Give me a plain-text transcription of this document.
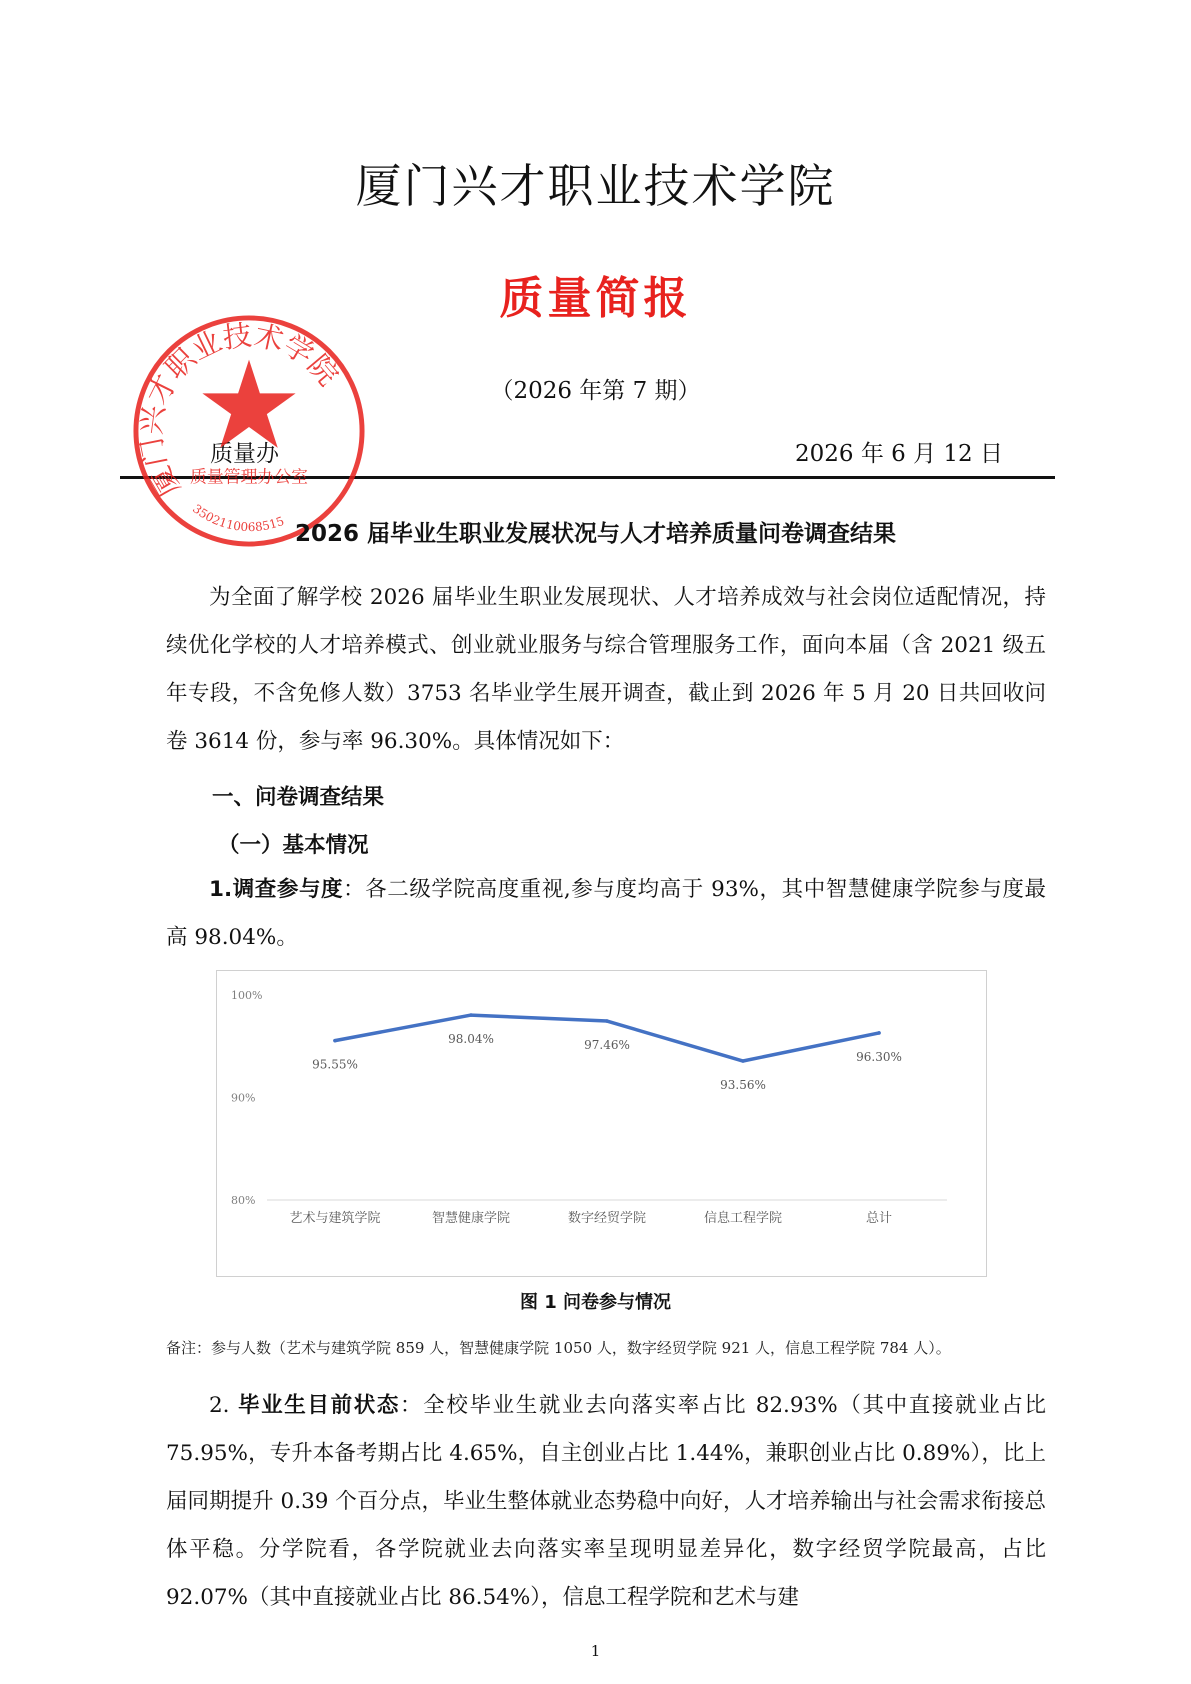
厦门兴才职业技术学院
质量简报
（2026 年第 7 期）
质量办	2026 年 6 月 12 日
厦门兴才职业技术学院
质量管理办公室
3502110068515 2026 届毕业生职业发展状况与人才培养质量问卷调查结果
为全面了解学校 2026 届毕业生职业发展现状、人才培养成效与社会岗位适配情况，持续优化学校的人才培养模式、创业就业服务与综合管理服务工作，面向本届（含 2021 级五年专段，不含免修人数）3753 名毕业学生展开调查，截止到 2026 年 5 月 20 日共回收问卷 3614 份，参与率 96.30%。具体情况如下：
一、问卷调查结果
（一）基本情况
1.调查参与度：各二级学院高度重视,参与度均高于 93%，其中智慧健康学院参与度最高 98.04%。
80%
90%
100%
艺术与建筑学院	智慧健康学院	数字经贸学院	信息工程学院	总计
95.55%
98.04%	97.46%
93.56%
96.30%
图 1 问卷参与情况
备注：参与人数（艺术与建筑学院 859 人，智慧健康学院 1050 人，数字经贸学院 921 人，信息工程学院 784 人）。
2. 毕业生目前状态：全校毕业生就业去向落实率占比 82.93%（其中直接就业占比 75.95%，专升本备考期占比 4.65%，自主创业占比 1.44%，兼职创业占比 0.89%），比上届同期提升 0.39 个百分点，毕业生整体就业态势稳中向好，人才培养输出与社会需求衔接总体平稳。分学院看，各学院就业去向落实率呈现明显差异化，数字经贸学院最高，占比 92.07%（其中直接就业占比 86.54%），信息工程学院和艺术与建
1
